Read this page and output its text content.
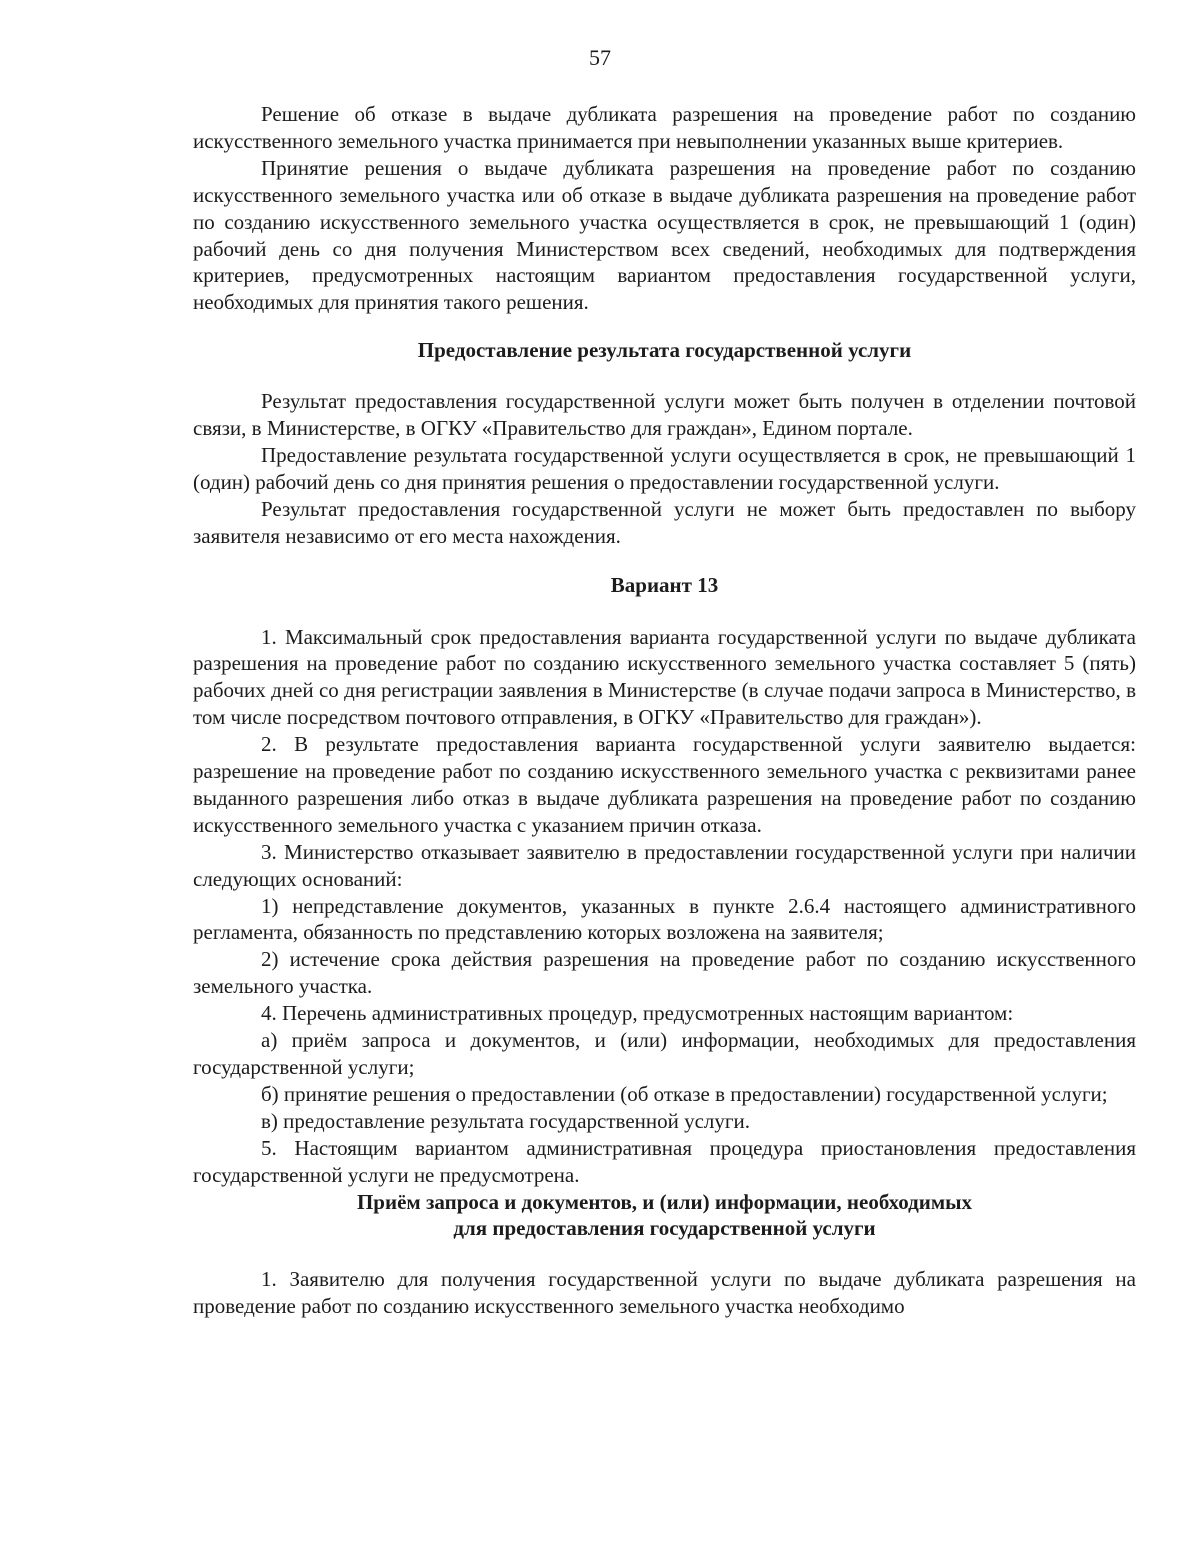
57

Решение об отказе в выдаче дубликата разрешения на проведение работ по созданию искусственного земельного участка принимается при невыполнении указанных выше критериев.

Принятие решения о выдаче дубликата разрешения на проведение работ по созданию искусственного земельного участка или об отказе в выдаче дубликата разрешения на проведение работ по созданию искусственного земельного участка осуществляется в срок, не превышающий 1 (один) рабочий день со дня получения Министерством всех сведений, необходимых для подтверждения критериев, предусмотренных настоящим вариантом предоставления государственной услуги, необходимых для принятия такого решения.

Предоставление результата государственной услуги

Результат предоставления государственной услуги может быть получен в отделении почтовой связи, в Министерстве, в ОГКУ «Правительство для граждан», Едином портале.

Предоставление результата государственной услуги осуществляется в срок, не превышающий 1 (один) рабочий день со дня принятия решения о предоставлении государственной услуги.

Результат предоставления государственной услуги не может быть предоставлен по выбору заявителя независимо от его места нахождения.

Вариант 13

1. Максимальный срок предоставления варианта государственной услуги по выдаче дубликата разрешения на проведение работ по созданию искусственного земельного участка составляет 5 (пять) рабочих дней со дня регистрации заявления в Министерстве (в случае подачи запроса в Министерство, в том числе посредством почтового отправления, в ОГКУ «Правительство для граждан»).

2. В результате предоставления варианта государственной услуги заявителю выдается: разрешение на проведение работ по созданию искусственного земельного участка с реквизитами ранее выданного разрешения либо отказ в выдаче дубликата разрешения на проведение работ по созданию искусственного земельного участка с указанием причин отказа.

3. Министерство отказывает заявителю в предоставлении государственной услуги при наличии следующих оснований:

1) непредставление документов, указанных в пункте 2.6.4 настоящего административного регламента, обязанность по представлению которых возложена на заявителя;

2) истечение срока действия разрешения на проведение работ по созданию искусственного земельного участка.

4. Перечень административных процедур, предусмотренных настоящим вариантом:

а) приём запроса и документов, и (или) информации, необходимых для предоставления государственной услуги;

б) принятие решения о предоставлении (об отказе в предоставлении) государственной услуги;

в) предоставление результата государственной услуги.

5. Настоящим вариантом административная процедура приостановления предоставления государственной услуги не предусмотрена.

Приём запроса и документов, и (или) информации, необходимых

для предоставления государственной услуги

1. Заявителю для получения государственной услуги по выдаче дубликата разрешения на проведение работ по созданию искусственного земельного участка необходимо
